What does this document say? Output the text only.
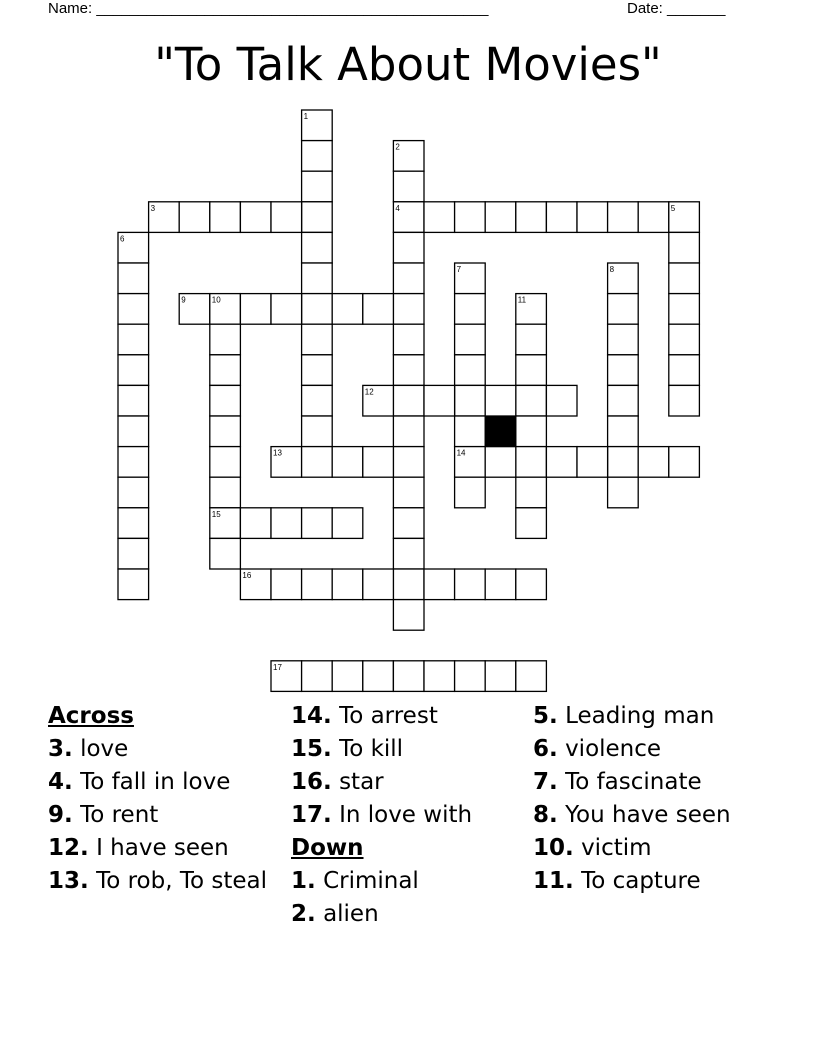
Name: _______________________________________________	Date: _______
"To Talk About Movies"
1
2
3	4	5
6
7	8
9	10	11
12
13	14
15
16
17
Across
3. love
4. To fall in love
9. To rent
12. I have seen
13. To rob, To steal
14. To arrest
15. To kill
16. star
17. In love with
Down
1. Criminal
2. alien
5. Leading man
6. violence
7. To fascinate
8. You have seen
10. victim
11. To capture
